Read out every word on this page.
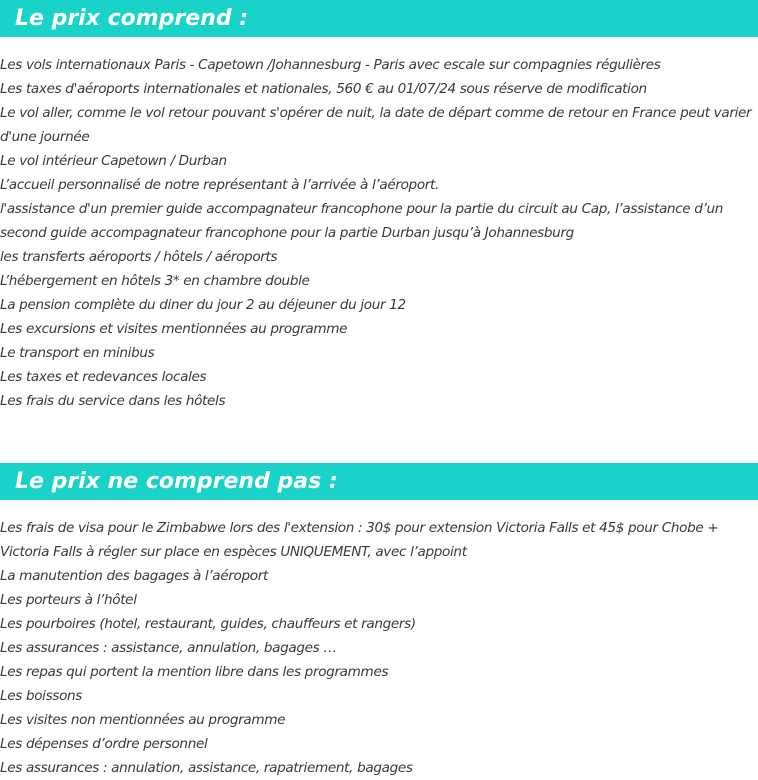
Le prix comprend :
Les vols internationaux Paris - Capetown /Johannesburg - Paris avec escale sur compagnies régulières
Les taxes d'aéroports internationales et nationales, 560 € au 01/07/24 sous réserve de modification
Le vol aller, comme le vol retour pouvant s'opérer de nuit, la date de départ comme de retour en France peut varier d'une journée
Le vol intérieur Capetown / Durban
L’accueil personnalisé de notre représentant à l’arrivée à l’aéroport.
l'assistance d'un premier guide accompagnateur francophone pour la partie du circuit au Cap, l’assistance d’un second guide accompagnateur francophone pour la partie Durban jusqu’à Johannesburg
les transferts aéroports / hôtels / aéroports
L’hébergement en hôtels 3* en chambre double
La pension complète du diner du jour 2 au déjeuner du jour 12
Les excursions et visites mentionnées au programme
Le transport en minibus
Les taxes et redevances locales
Les frais du service dans les hôtels
Le prix ne comprend pas :
Les frais de visa pour le Zimbabwe lors des l'extension : 30$ pour extension Victoria Falls et 45$ pour Chobe + Victoria Falls à régler sur place en espèces UNIQUEMENT, avec l’appoint
La manutention des bagages à l’aéroport
Les porteurs à l’hôtel
Les pourboires (hotel, restaurant, guides, chauffeurs et rangers)
Les assurances : assistance, annulation, bagages …
Les repas qui portent la mention libre dans les programmes
Les boissons
Les visites non mentionnées au programme
Les dépenses d’ordre personnel
Les assurances : annulation, assistance, rapatriement, bagages
